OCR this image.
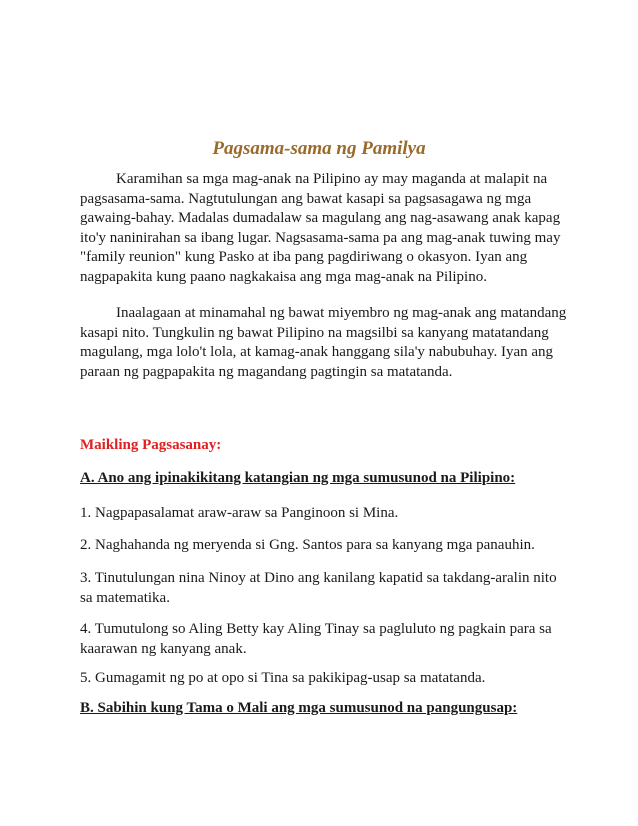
Pagsama-sama ng Pamilya

Karamihan sa mga mag-anak na Pilipino ay may maganda at malapit na pagsasama-sama. Nagtutulungan ang bawat kasapi sa pagsasagawa ng mga gawaing-bahay. Madalas dumadalaw sa magulang ang nag-asawang anak kapag ito'y naninirahan sa ibang lugar. Nagsasama-sama pa ang mag-anak tuwing may "family reunion" kung Pasko at iba pang pagdiriwang o okasyon. Iyan ang nagpapakita kung paano nagkakaisa ang mga mag-anak na Pilipino.

Inaalagaan at minamahal ng bawat miyembro ng mag-anak ang matandang kasapi nito. Tungkulin ng bawat Pilipino na magsilbi sa kanyang matatandang magulang, mga lolo't lola, at kamag-anak hanggang sila'y nabubuhay. Iyan ang paraan ng pagpapakita ng magandang pagtingin sa matatanda.

Maikling Pagsasanay:

A. Ano ang ipinakikitang katangian ng mga sumusunod na Pilipino:

1. Nagpapasalamat araw-araw sa Panginoon si Mina.

2. Naghahanda ng meryenda si Gng. Santos para sa kanyang mga panauhin.

3. Tinutulungan nina Ninoy at Dino ang kanilang kapatid sa takdang-aralin nito sa matematika.

4. Tumutulong so Aling Betty kay Aling Tinay sa pagluluto ng pagkain para sa kaarawan ng kanyang anak.

5. Gumagamit ng po at opo si Tina sa pakikipag-usap sa matatanda.

B. Sabihin kung Tama o Mali ang mga sumusunod na pangungusap:
